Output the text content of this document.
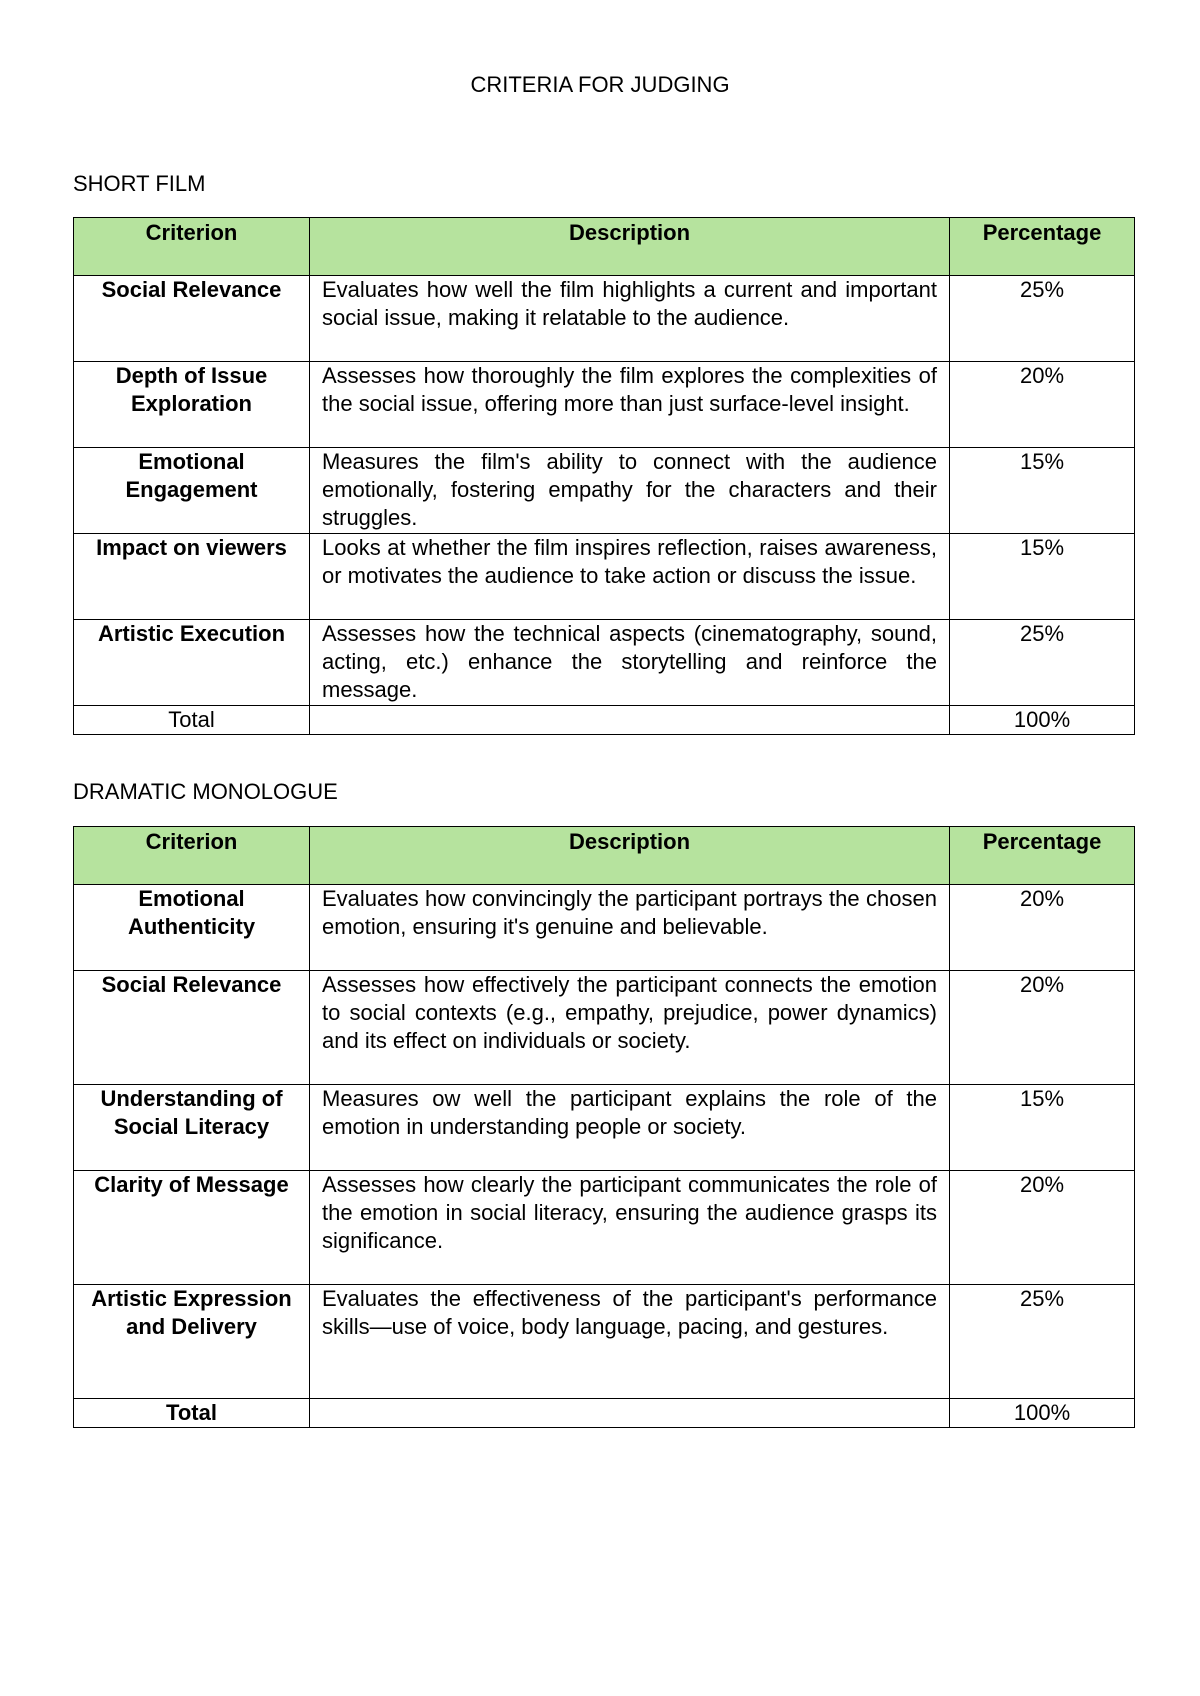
CRITERIA FOR JUDGING
SHORT FILM
Criterion	Description	Percentage
Social Relevance	Evaluates how well the film highlights a current and important social issue, making it relatable to the audience.	25%
Depth of Issue Exploration	Assesses how thoroughly the film explores the complexities of the social issue, offering more than just surface-level insight.	20%
Emotional Engagement	Measures the film's ability to connect with the audience emotionally, fostering empathy for the characters and their struggles.	15%
Impact on viewers	Looks at whether the film inspires reflection, raises awareness, or motivates the audience to take action or discuss the issue.	15%
Artistic Execution	Assesses how the technical aspects (cinematography, sound, acting, etc.) enhance the storytelling and reinforce the message.	25%
Total		100%
DRAMATIC MONOLOGUE
Criterion	Description	Percentage
Emotional Authenticity	Evaluates how convincingly the participant portrays the chosen emotion, ensuring it's genuine and believable.	20%
Social Relevance	Assesses how effectively the participant connects the emotion to social contexts (e.g., empathy, prejudice, power dynamics) and its effect on individuals or society.	20%
Understanding of Social Literacy	Measures ow well the participant explains the role of the emotion in understanding people or society.	15%
Clarity of Message	Assesses how clearly the participant communicates the role of the emotion in social literacy, ensuring the audience grasps its significance.	20%
Artistic Expression and Delivery	Evaluates the effectiveness of the participant's performance skills—use of voice, body language, pacing, and gestures.	25%
Total		100%
